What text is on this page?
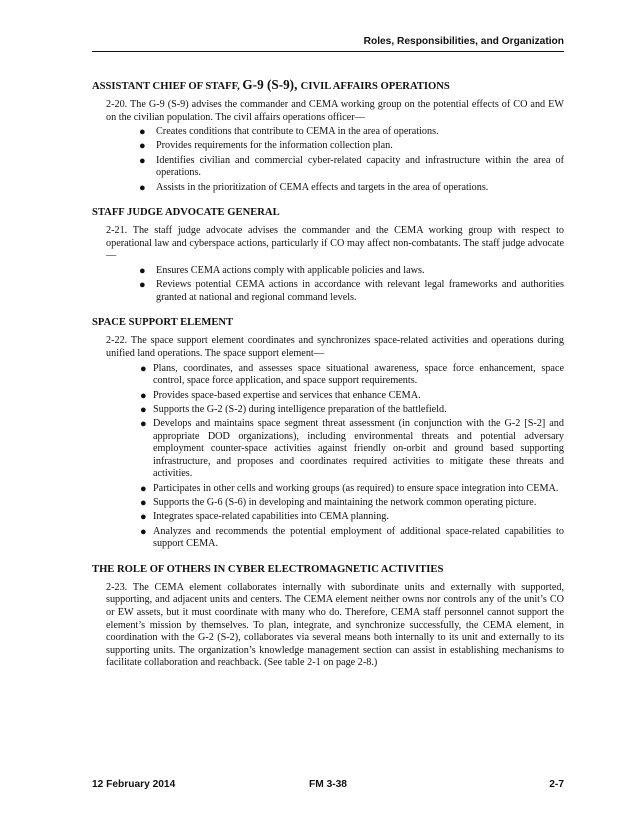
Roles, Responsibilities, and Organization
ASSISTANT CHIEF OF STAFF, G-9 (S-9), CIVIL AFFAIRS OPERATIONS

2-20. The G-9 (S-9) advises the commander and CEMA working group on the potential effects of CO and EW on the civilian population. The civil affairs operations officer—

● Creates conditions that contribute to CEMA in the area of operations.
● Provides requirements for the information collection plan.
● Identifies civilian and commercial cyber-related capacity and infrastructure within the area of operations.
● Assists in the prioritization of CEMA effects and targets in the area of operations.
STAFF JUDGE ADVOCATE GENERAL

2-21. The staff judge advocate advises the commander and the CEMA working group with respect to operational law and cyberspace actions, particularly if CO may affect non-combatants. The staff judge advocate—

● Ensures CEMA actions comply with applicable policies and laws.
● Reviews potential CEMA actions in accordance with relevant legal frameworks and authorities granted at national and regional command levels.
SPACE SUPPORT ELEMENT

2-22. The space support element coordinates and synchronizes space-related activities and operations during unified land operations. The space support element—

● Plans, coordinates, and assesses space situational awareness, space force enhancement, space control, space force application, and space support requirements.
● Provides space-based expertise and services that enhance CEMA.
● Supports the G-2 (S-2) during intelligence preparation of the battlefield.
● Develops and maintains space segment threat assessment (in conjunction with the G-2 [S-2] and appropriate DOD organizations), including environmental threats and potential adversary employment counter-space activities against friendly on-orbit and ground based supporting infrastructure, and proposes and coordinates required activities to mitigate these threats and activities.
● Participates in other cells and working groups (as required) to ensure space integration into CEMA.
● Supports the G-6 (S-6) in developing and maintaining the network common operating picture.
● Integrates space-related capabilities into CEMA planning.
● Analyzes and recommends the potential employment of additional space-related capabilities to support CEMA.
THE ROLE OF OTHERS IN CYBER ELECTROMAGNETIC ACTIVITIES

2-23. The CEMA element collaborates internally with subordinate units and externally with supported, supporting, and adjacent units and centers. The CEMA element neither owns nor controls any of the unit’s CO or EW assets, but it must coordinate with many who do. Therefore, CEMA staff personnel cannot support the element’s mission by themselves. To plan, integrate, and synchronize successfully, the CEMA element, in coordination with the G-2 (S-2), collaborates via several means both internally to its unit and externally to its supporting units. The organization’s knowledge management section can assist in establishing mechanisms to facilitate collaboration and reachback. (See table 2-1 on page 2-8.)

12 February 2014	FM 3-38	2-7
